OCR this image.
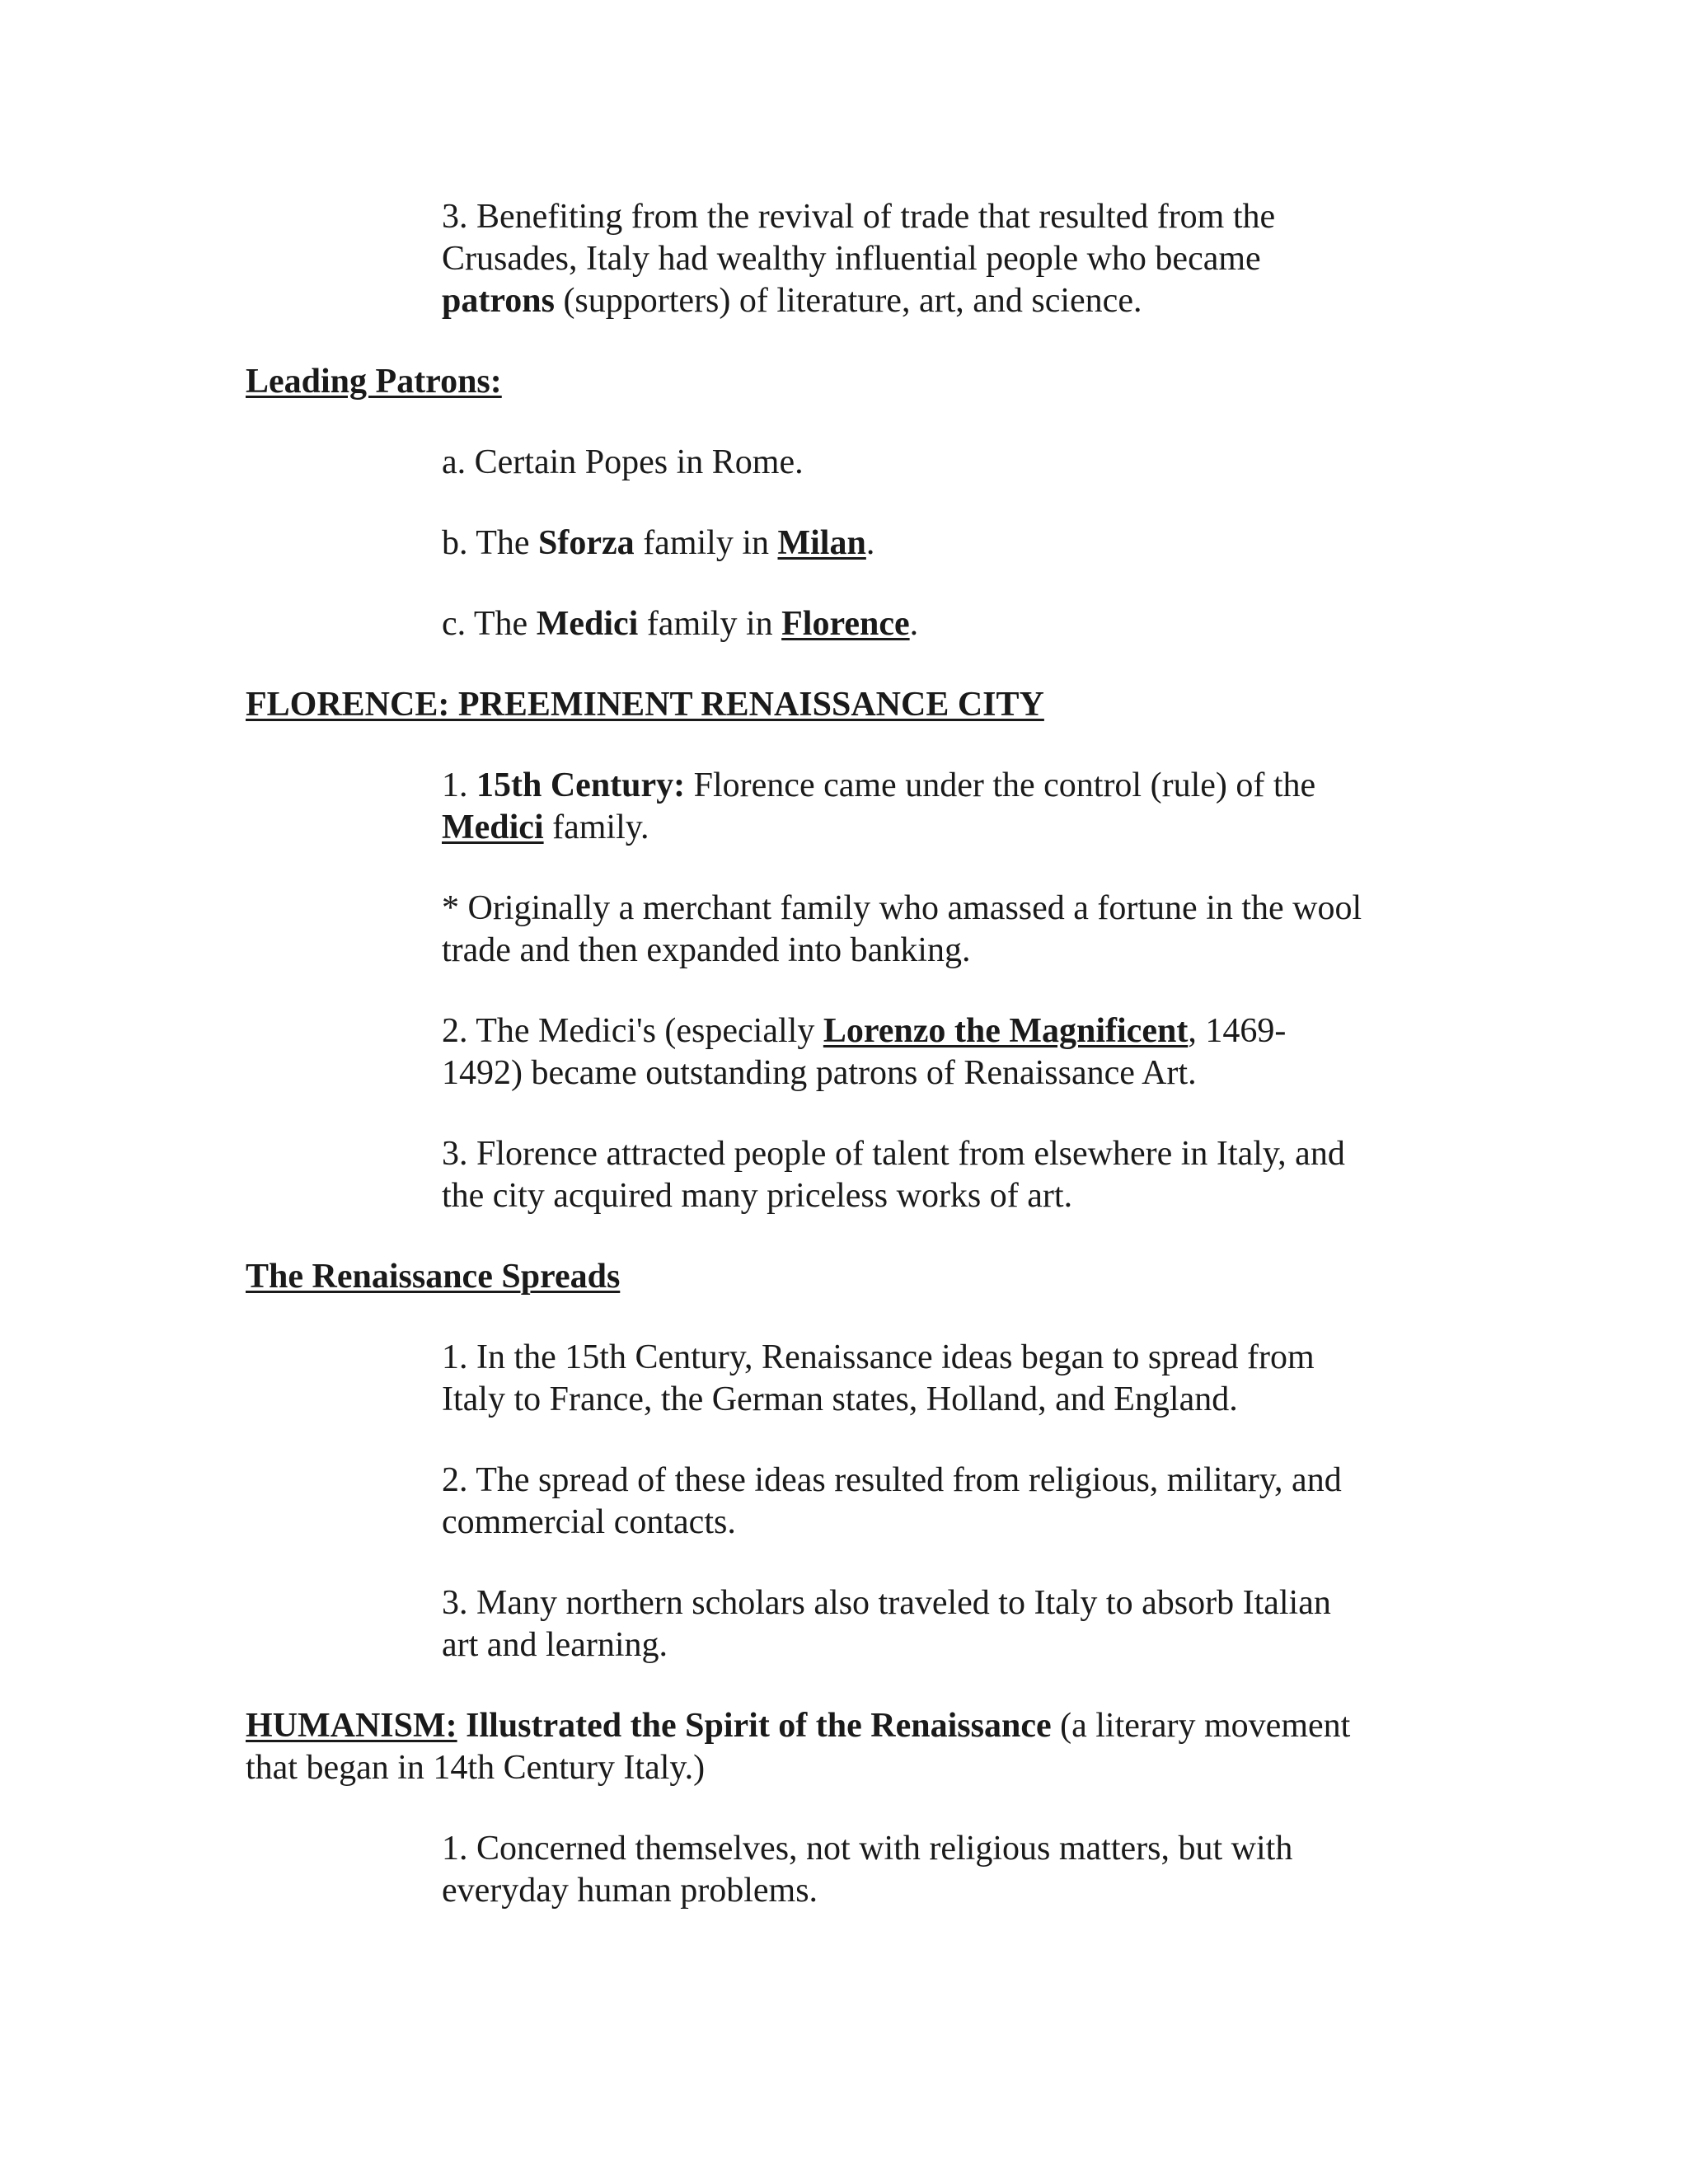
3. Benefiting from the revival of trade that resulted from the

Crusades, Italy had wealthy influential people who became

patrons (supporters) of literature, art, and science.

Leading Patrons:

a. Certain Popes in Rome.

b. The Sforza family in Milan.

c. The Medici family in Florence.

FLORENCE: PREEMINENT RENAISSANCE CITY

1. 15th Century: Florence came under the control (rule) of the

Medici family.

* Originally a merchant family who amassed a fortune in the wool

trade and then expanded into banking.

2. The Medici's (especially Lorenzo the Magnificent, 1469-

1492) became outstanding patrons of Renaissance Art.

3. Florence attracted people of talent from elsewhere in Italy, and

the city acquired many priceless works of art.

The Renaissance Spreads

1. In the 15th Century, Renaissance ideas began to spread from

Italy to France, the German states, Holland, and England.

2. The spread of these ideas resulted from religious, military, and

commercial contacts.

3. Many northern scholars also traveled to Italy to absorb Italian

art and learning.

HUMANISM: Illustrated the Spirit of the Renaissance (a literary movement

that began in 14th Century Italy.)

1. Concerned themselves, not with religious matters, but with

everyday human problems.
